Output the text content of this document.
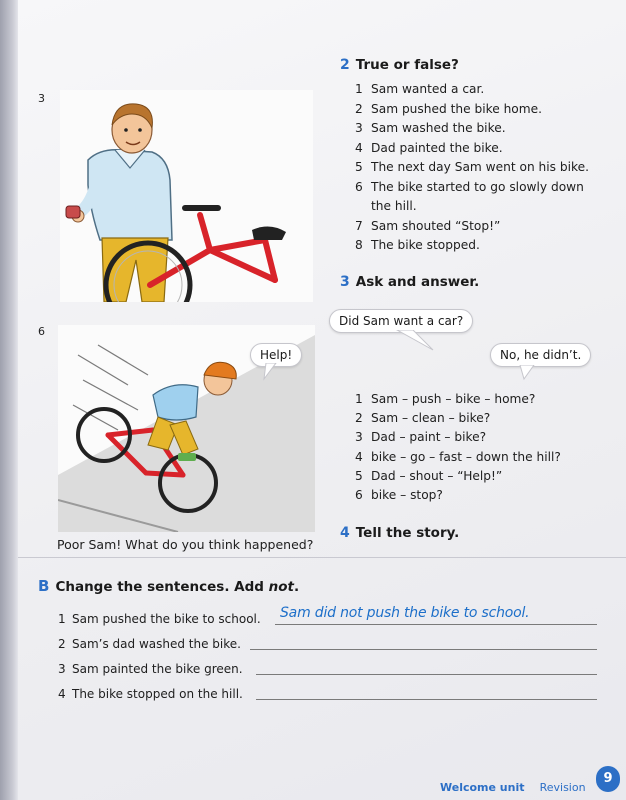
2 True or false?
1 Sam wanted a car.
2 Sam pushed the bike home.
3 Sam washed the bike.
4 Dad painted the bike.
5 The next day Sam went on his bike.
6 The bike started to go slowly down
the hill.
7 Sam shouted “Stop!”
8 The bike stopped.
3
3 Ask and answer.
Did Sam want a car?
No, he didn’t.
1 Sam – push – bike – home?
2 Sam – clean – bike?
3 Dad – paint – bike?
4 bike – go – fast – down the hill?
5 Dad – shout – “Help!”
6 bike – stop?
6
Help!
Poor Sam! What do you think happened?
4 Tell the story.
B Change the sentences. Add not.
1 Sam pushed the bike to school. Sam did not push the bike to school.
2 Sam’s dad washed the bike.
3 Sam painted the bike green.
4 The bike stopped on the hill.
Welcome unit Revision
9
